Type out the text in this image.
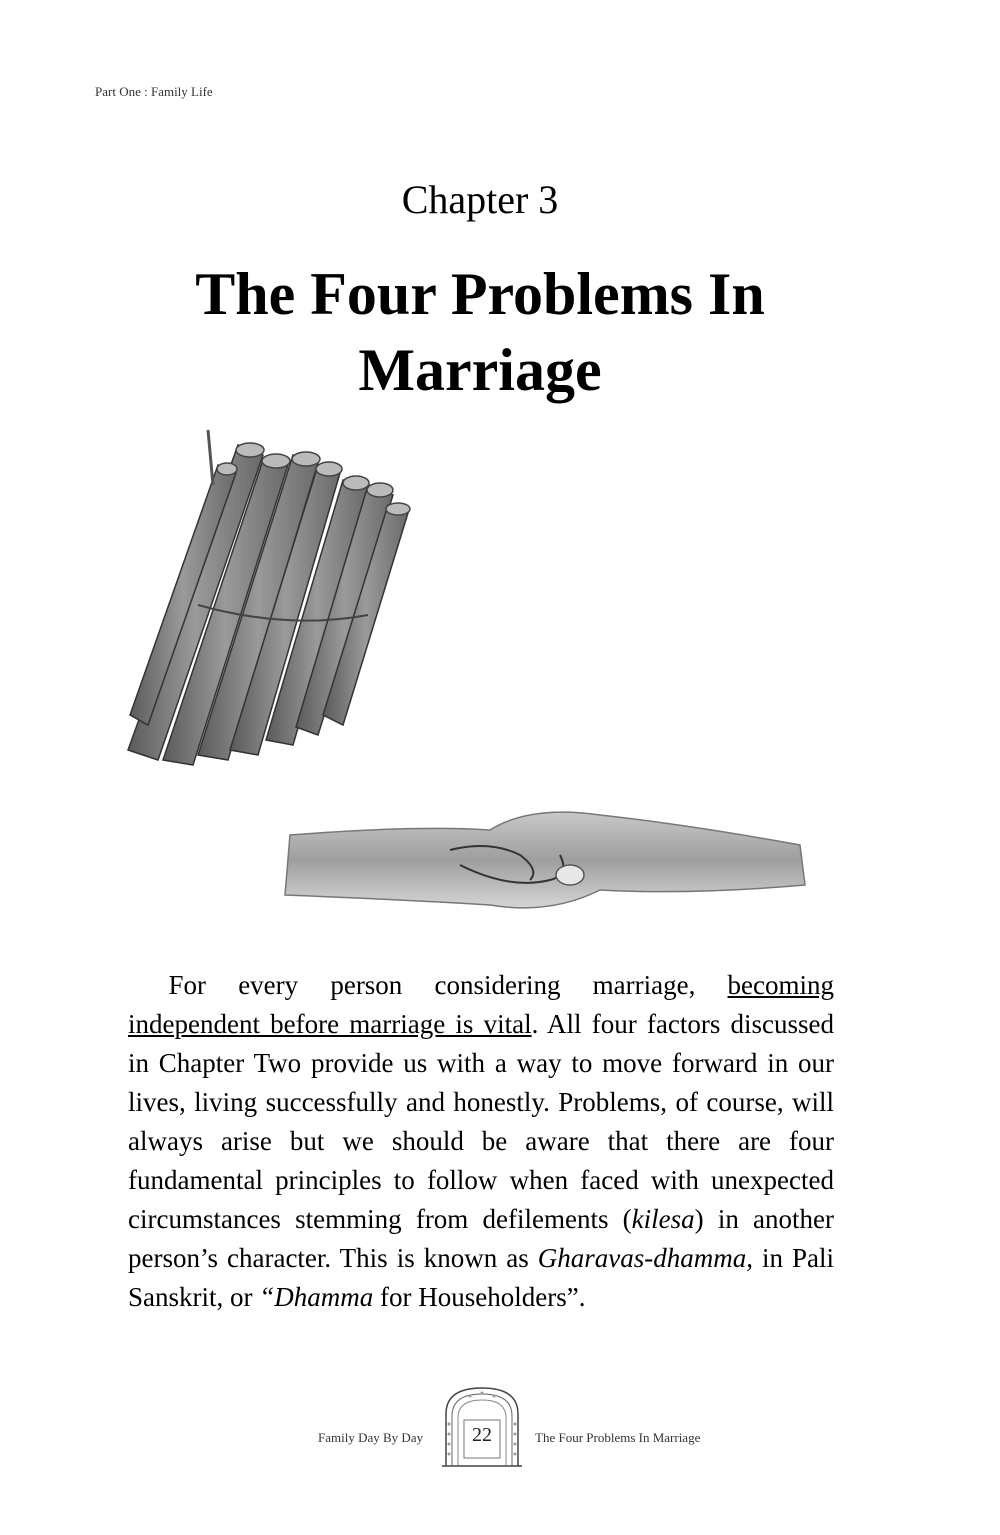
Part One : Family Life
Chapter 3
The Four Problems In Marriage

  For every person considering marriage, becoming independent before marriage is vital. All four factors discussed in Chapter Two provide us with a way to move forward in our lives, living successfully and honestly. Problems, of course, will always arise but we should be aware that there are four fundamental principles to follow when faced with unexpected circumstances stemming from defilements (kilesa) in another person’s character. This is known as Gharavas-dhamma, in Pali Sanskrit, or “Dhamma for Householders”.

Family Day By Day	22	The Four Problems In Marriage
